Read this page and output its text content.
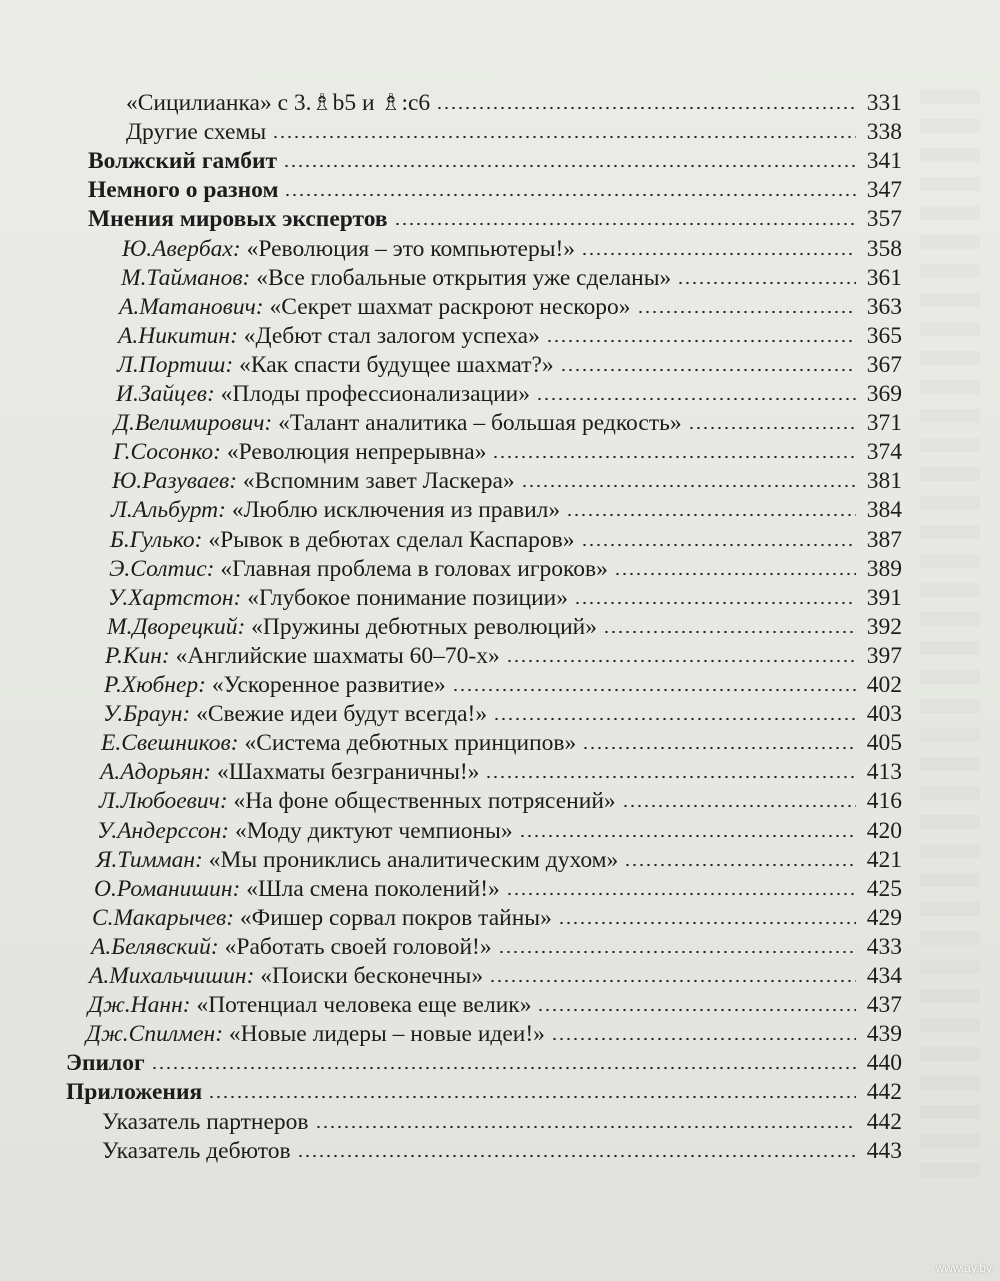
«Сицилианка» с 3.♗b5 и ♗:c6	331
Другие схемы	338
Волжский гамбит	341
Немного о разном	347
Мнения мировых экспертов	357
Ю.Авербах: «Революция – это компьютеры!»	358
М.Тайманов: «Все глобальные открытия уже сделаны»	361
А.Матанович: «Секрет шахмат раскроют нескоро»	363
А.Никитин: «Дебют стал залогом успеха»	365
Л.Портиш: «Как спасти будущее шахмат?»	367
И.Зайцев: «Плоды профессионализации»	369
Д.Велимирович: «Талант аналитика – большая редкость»	371
Г.Сосонко: «Революция непрерывна»	374
Ю.Разуваев: «Вспомним завет Ласкера»	381
Л.Альбурт: «Люблю исключения из правил»	384
Б.Гулько: «Рывок в дебютах сделал Каспаров»	387
Э.Солтис: «Главная проблема в головах игроков»	389
У.Хартстон: «Глубокое понимание позиции»	391
М.Дворецкий: «Пружины дебютных революций»	392
Р.Кин: «Английские шахматы 60–70-х»	397
Р.Хюбнер: «Ускоренное развитие»	402
У.Браун: «Свежие идеи будут всегда!»	403
Е.Свешников: «Система дебютных принципов»	405
А.Адорьян: «Шахматы безграничны!»	413
Л.Любоевич: «На фоне общественных потрясений»	416
У.Андерссон: «Моду диктуют чемпионы»	420
Я.Тимман: «Мы прониклись аналитическим духом»	421
О.Романишин: «Шла смена поколений!»	425
С.Макарычев: «Фишер сорвал покров тайны»	429
А.Белявский: «Работать своей головой!»	433
А.Михальчишин: «Поиски бесконечны»	434
Дж.Нанн: «Потенциал человека еще велик»	437
Дж.Спилмен: «Новые лидеры – новые идеи!»	439
Эпилог	440
Приложения	442
Указатель партнеров	442
Указатель дебютов	443
www.ay.by
